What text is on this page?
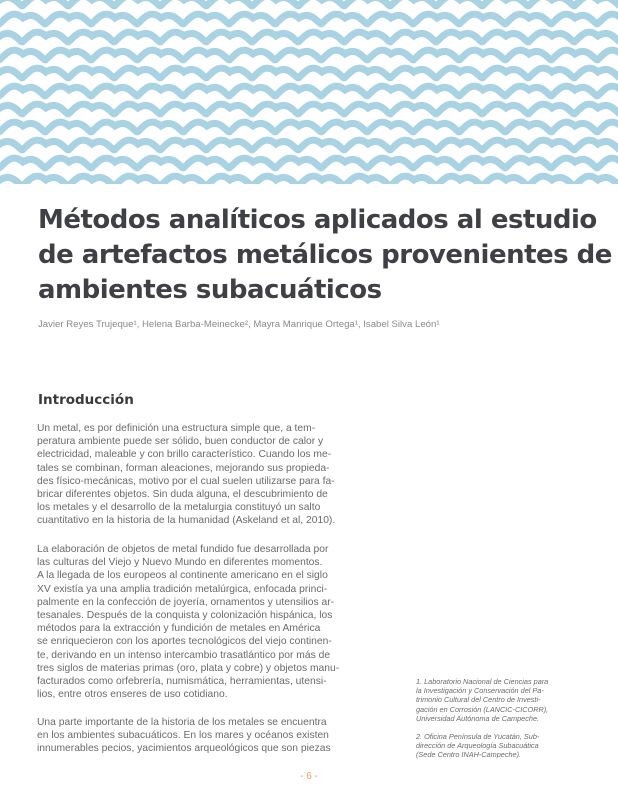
Métodos analíticos aplicados al estudio
de artefactos metálicos provenientes de
ambientes subacuáticos

Javier Reyes Trujeque¹, Helena Barba-Meinecke², Mayra Manrique Ortega¹, Isabel Silva León¹

Introducción
Un metal, es por definición una estructura simple que, a tem-
peratura ambiente puede ser sólido, buen conductor de calor y
electricidad, maleable y con brillo característico. Cuando los me-
tales se combinan, forman aleaciones, mejorando sus propieda-
des físico-mecánicas, motivo por el cual suelen utilizarse para fa-
bricar diferentes objetos. Sin duda alguna, el descubrimiento de
los metales y el desarrollo de la metalurgia constituyó un salto
cuantitativo en la historia de la humanidad (Askeland et al, 2010).
La elaboración de objetos de metal fundido fue desarrollada por
las culturas del Viejo y Nuevo Mundo en diferentes momentos.
A la llegada de los europeos al continente americano en el siglo
XV existía ya una amplia tradición metalúrgica, enfocada princi-
palmente en la confección de joyería, ornamentos y utensilios ar-
tesanales. Después de la conquista y colonización hispánica, los
métodos para la extracción y fundición de metales en América
se enriquecieron con los aportes tecnológicos del viejo continen-
te, derivando en un intenso intercambio trasatlántico por más de
tres siglos de materias primas (oro, plata y cobre) y objetos manu-
facturados como orfebrería, numismática, herramientas, utensi-
lios, entre otros enseres de uso cotidiano.
Una parte importante de la historia de los metales se encuentra
en los ambientes subacuáticos. En los mares y océanos existen
innumerables pecios, yacimientos arqueológicos que son piezas
1. Laboratorio Nacional de Ciencias para
la Investigación y Conservación del Pa-
trimonio Cultural del Centro de Investi-
gación en Corrosión (LANCIC-CICORR),
Universidad Autónoma de Campeche.
2. Oficina Península de Yucatán, Sub-
dirección de Arqueología Subacuática
(Sede Centro INAH-Campeche).
- 6 -
